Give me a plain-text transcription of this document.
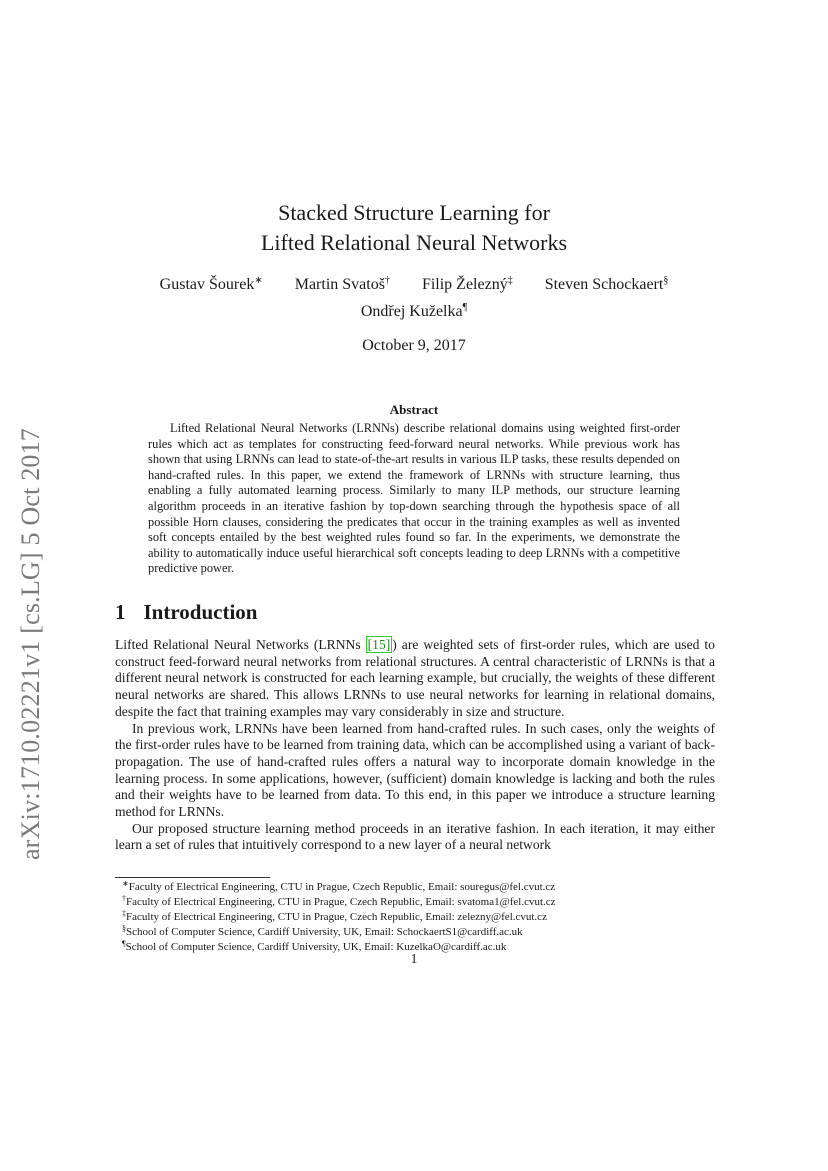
arXiv:1710.02221v1 [cs.LG] 5 Oct 2017
Stacked Structure Learning for
Lifted Relational Neural Networks
Gustav Šourek∗ Martin Svatoš† Filip Železný‡ Steven Schockaert§
Ondřej Kuželka¶
October 9, 2017
Abstract
Lifted Relational Neural Networks (LRNNs) describe relational domains using weighted first-order rules which act as templates for constructing feed-forward neural networks. While previous work has shown that using LRNNs can lead to state-of-the-art results in various ILP tasks, these results depended on hand-crafted rules. In this paper, we extend the framework of LRNNs with structure learning, thus enabling a fully automated learning process. Similarly to many ILP methods, our structure learning algorithm proceeds in an iterative fashion by top-down searching through the hypothesis space of all possible Horn clauses, considering the predicates that occur in the training examples as well as invented soft concepts entailed by the best weighted rules found so far. In the experiments, we demonstrate the ability to automatically induce useful hierarchical soft concepts leading to deep LRNNs with a competitive predictive power.
1 Introduction

Lifted Relational Neural Networks (LRNNs [15] ) are weighted sets of first-order rules, which are used to construct feed-forward neural networks from relational structures. A central characteristic of LRNNs is that a different neural network is constructed for each learning example, but crucially, the weights of these different neural networks are shared. This allows LRNNs to use neural networks for learning in relational domains, despite the fact that training examples may vary considerably in size and structure.

In previous work, LRNNs have been learned from hand-crafted rules. In such cases, only the weights of the first-order rules have to be learned from training data, which can be accomplished using a variant of back-propagation. The use of hand-crafted rules offers a natural way to incorporate domain knowledge in the learning process. In some applications, however, (sufficient) domain knowledge is lacking and both the rules and their weights have to be learned from data. To this end, in this paper we introduce a structure learning method for LRNNs.

Our proposed structure learning method proceeds in an iterative fashion. In each iteration, it may either learn a set of rules that intuitively correspond to a new layer of a neural network

∗Faculty of Electrical Engineering, CTU in Prague, Czech Republic, Email: souregus@fel.cvut.cz
†Faculty of Electrical Engineering, CTU in Prague, Czech Republic, Email: svatoma1@fel.cvut.cz
‡Faculty of Electrical Engineering, CTU in Prague, Czech Republic, Email: zelezny@fel.cvut.cz
§School of Computer Science, Cardiff University, UK, Email: SchockaertS1@cardiff.ac.uk
¶School of Computer Science, Cardiff University, UK, Email: KuzelkaO@cardiff.ac.uk
1
